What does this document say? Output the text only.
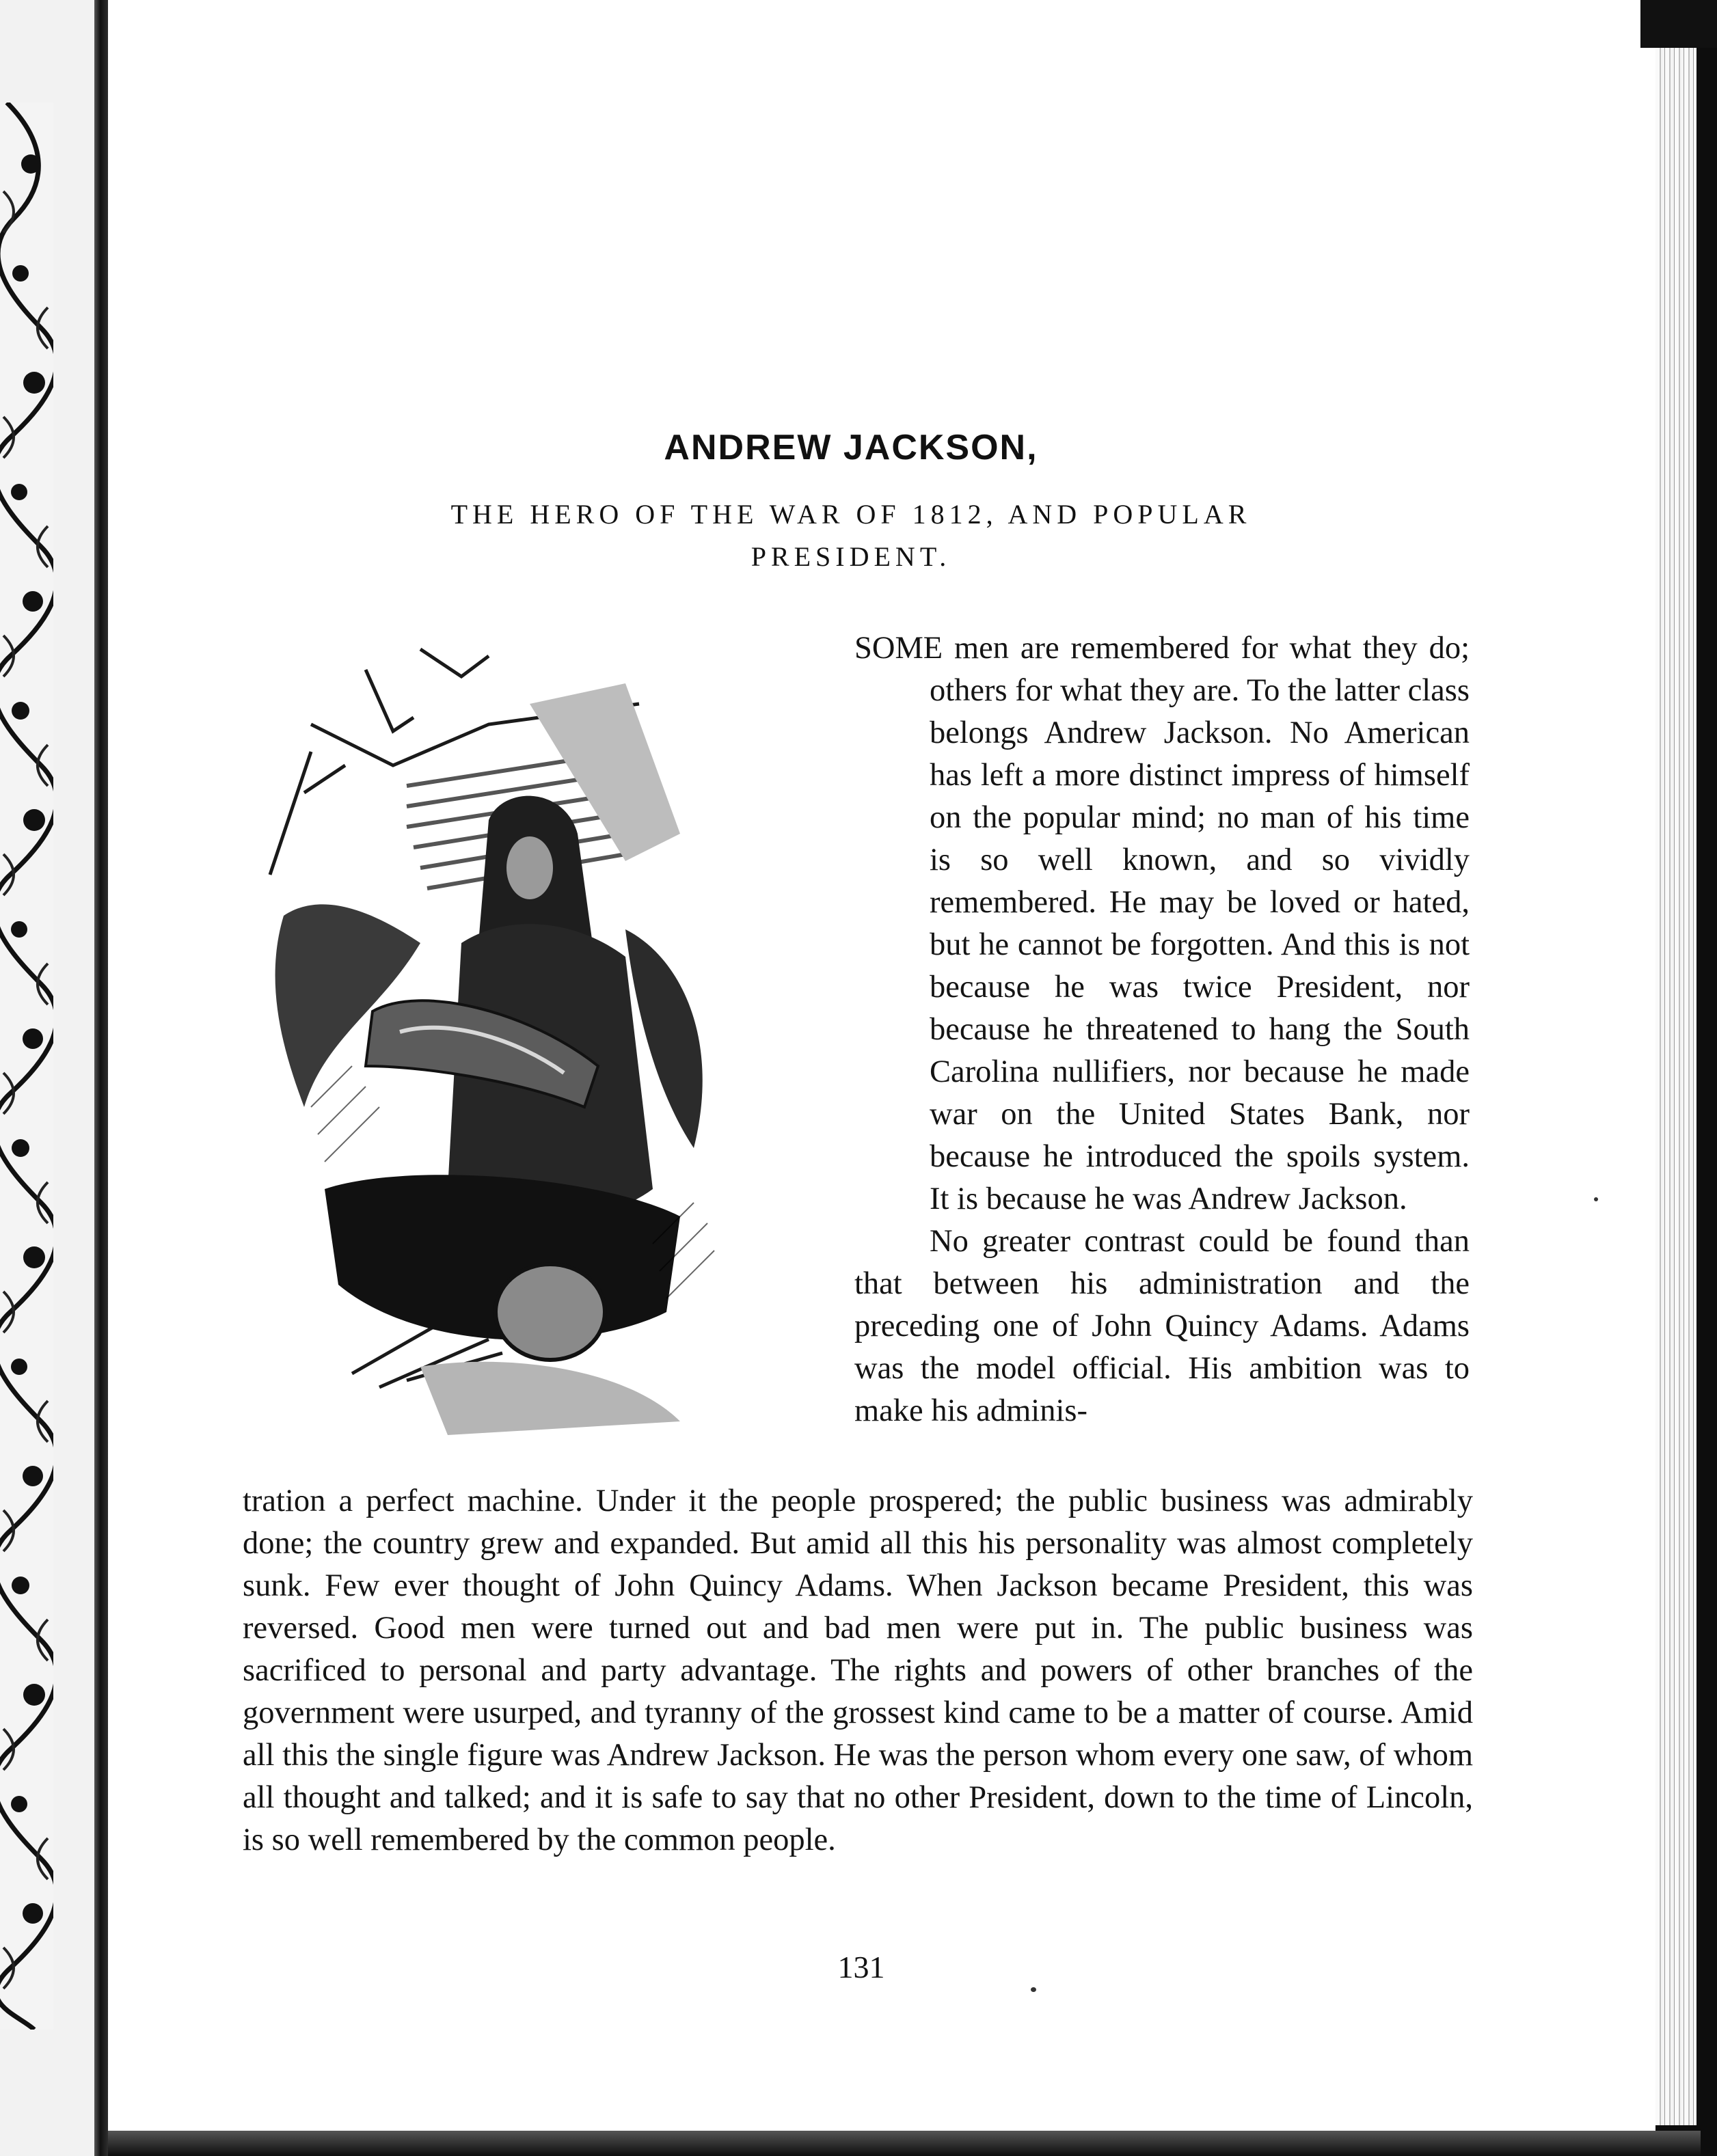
ANDREW JACKSON,
THE HERO OF THE WAR OF 1812, AND POPULAR
PRESIDENT.

SOME men are remembered for what they do; others for what they are. To the latter class belongs Andrew Jackson. No American has left a more distinct impress of himself on the popular mind; no man of his time is so well known, and so vividly remembered. He may be loved or hated, but he cannot be forgotten. And this is not because he was twice President, nor because he threatened to hang the South Carolina nullifiers, nor because he made war on the United States Bank, nor because he introduced the spoils system. It is because he was Andrew Jackson.

No greater contrast could be found than that between his administration and the preceding one of John Quincy Adams. Adams was the model official. His ambition was to make his adminis-

tration a perfect machine. Under it the people prospered; the public business was admirably done; the country grew and expanded. But amid all this his personality was almost completely sunk. Few ever thought of John Quincy Adams. When Jackson became President, this was reversed. Good men were turned out and bad men were put in. The public business was sacrificed to personal and party advantage. The rights and powers of other branches of the government were usurped, and tyranny of the grossest kind came to be a matter of course. Amid all this the single figure was Andrew Jackson. He was the person whom every one saw, of whom all thought and talked; and it is safe to say that no other President, down to the time of Lincoln, is so well remembered by the common people.
131
